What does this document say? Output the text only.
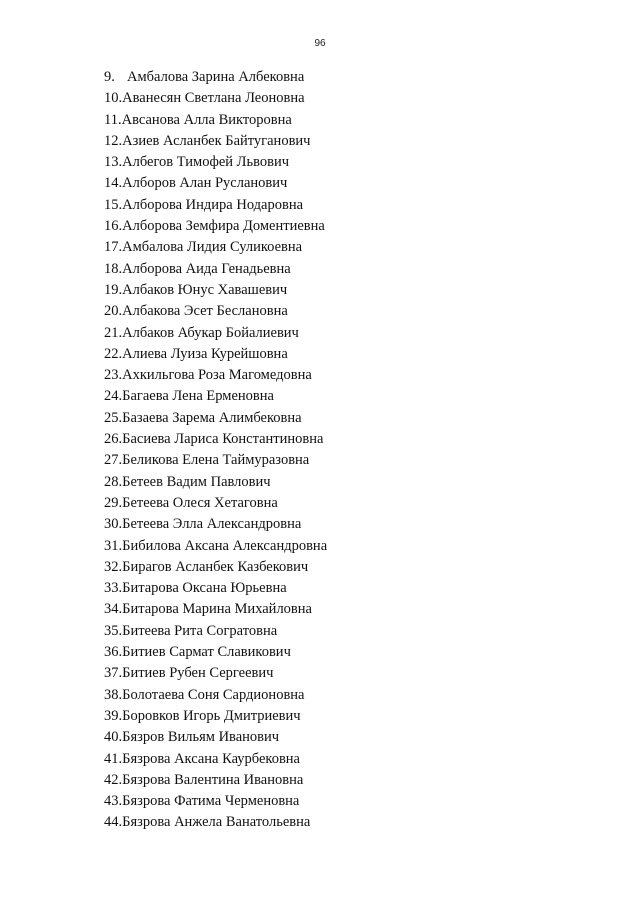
96
9. Амбалова Зарина Албековна
10.Аванесян Светлана Леоновна
11.Авсанова Алла Викторовна
12.Азиев Асланбек Байтуганович
13.Албегов Тимофей Львович
14.Алборов Алан Русланович
15.Алборова Индира Нодаровна
16.Алборова Земфира Доментиевна
17.Амбалова Лидия Суликоевна
18.Алборова Аида Генадьевна
19.Албаков Юнус Хавашевич
20.Албакова Эсет Беслановна
21.Албаков Абукар Бойалиевич
22.Алиева Луиза Курейшовна
23.Ахкильгова Роза Магомедовна
24.Багаева Лена Ерменовна
25.Базаева Зарема Алимбековна
26.Басиева Лариса Константиновна
27.Беликова Елена Таймуразовна
28.Бетеев Вадим Павлович
29.Бетеева Олеся Хетаговна
30.Бетеева Элла Александровна
31.Бибилова Аксана Александровна
32.Бирагов Асланбек Казбекович
33.Битарова Оксана Юрьевна
34.Битарова Марина Михайловна
35.Битеева Рита Согратовна
36.Битиев Сармат Славикович
37.Битиев Рубен Сергеевич
38.Болотаева Соня Сардионовна
39.Боровков Игорь Дмитриевич
40.Бязров Вильям Иванович
41.Бязрова Аксана Каурбековна
42.Бязрова Валентина Ивановна
43.Бязрова Фатима Черменовна
44.Бязрова Анжела Ванатольевна
